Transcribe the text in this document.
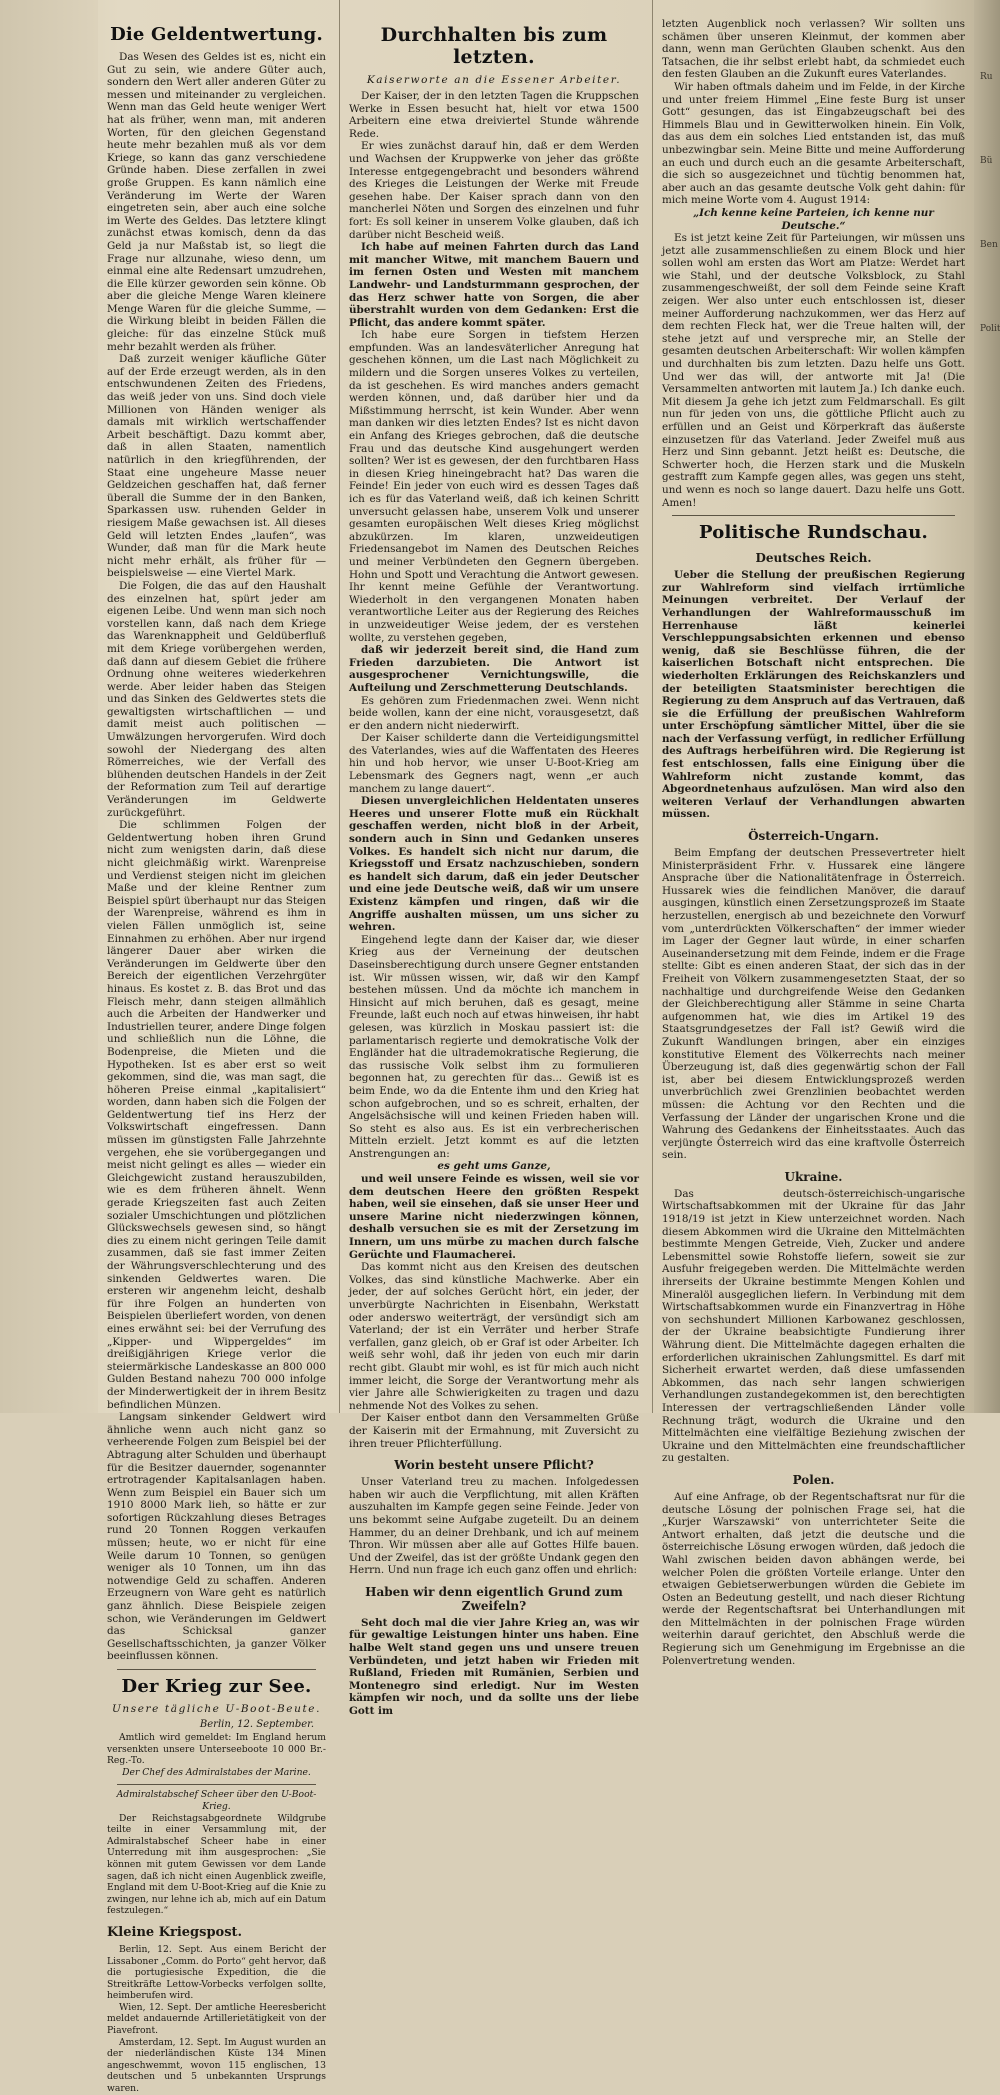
Die Geldentwertung.

Das Wesen des Geldes ist es, nicht ein Gut zu sein, wie andere Güter auch, sondern den Wert aller anderen Güter zu messen und miteinander zu vergleichen. Wenn man das Geld heute weniger Wert hat als früher, wenn man, mit anderen Worten, für den gleichen Gegenstand heute mehr bezahlen muß als vor dem Kriege, so kann das ganz verschiedene Gründe haben. Diese zerfallen in zwei große Gruppen. Es kann nämlich eine Veränderung im Werte der Waren eingetreten sein, aber auch eine solche im Werte des Geldes. Das letztere klingt zunächst etwas komisch, denn da das Geld ja nur Maßstab ist, so liegt die Frage nur allzunahe, wieso denn, um einmal eine alte Redensart umzudrehen, die Elle kürzer geworden sein könne. Ob aber die gleiche Menge Waren kleinere Menge Waren für die gleiche Summe, — die Wirkung bleibt in beiden Fällen die gleiche: für das einzelne Stück muß mehr bezahlt werden als früher.

Daß zurzeit weniger käufliche Güter auf der Erde erzeugt werden, als in den entschwundenen Zeiten des Friedens, das weiß jeder von uns. Sind doch viele Millionen von Händen weniger als damals mit wirklich wertschaffender Arbeit beschäftigt. Dazu kommt aber, daß in allen Staaten, namentlich natürlich in den kriegführenden, der Staat eine ungeheure Masse neuer Geldzeichen geschaffen hat, daß ferner überall die Summe der in den Banken, Sparkassen usw. ruhenden Gelder in riesigem Maße gewachsen ist. All dieses Geld will letzten Endes „laufen“, was Wunder, daß man für die Mark heute nicht mehr erhält, als früher für — beispielsweise — eine Viertel Mark.

Die Folgen, die das auf den Haushalt des einzelnen hat, spürt jeder am eigenen Leibe. Und wenn man sich noch vorstellen kann, daß nach dem Kriege das Warenknappheit und Geldüberfluß mit dem Kriege vorübergehen werden, daß dann auf diesem Gebiet die frühere Ordnung ohne weiteres wiederkehren werde. Aber leider haben das Steigen und das Sinken des Geldwertes stets die gewaltigsten wirtschaftlichen — und damit meist auch politischen — Umwälzungen hervorgerufen. Wird doch sowohl der Niedergang des alten Römerreiches, wie der Verfall des blühenden deutschen Handels in der Zeit der Reformation zum Teil auf derartige Veränderungen im Geldwerte zurückgeführt.

Die schlimmen Folgen der Geldentwertung hoben ihren Grund nicht zum wenigsten darin, daß diese nicht gleichmäßig wirkt. Warenpreise und Verdienst steigen nicht im gleichen Maße und der kleine Rentner zum Beispiel spürt überhaupt nur das Steigen der Warenpreise, während es ihm in vielen Fällen unmöglich ist, seine Einnahmen zu erhöhen. Aber nur irgend längerer Dauer aber wirken die Veränderungen im Geldwerte über den Bereich der eigentlichen Verzehrgüter hinaus. Es kostet z. B. das Brot und das Fleisch mehr, dann steigen allmählich auch die Arbeiten der Handwerker und Industriellen teurer, andere Dinge folgen und schließlich nun die Löhne, die Bodenpreise, die Mieten und die Hypotheken. Ist es aber erst so weit gekommen, sind die, was man sagt, die höheren Preise einmal „kapitalisiert“ worden, dann haben sich die Folgen der Geldentwertung tief ins Herz der Volkswirtschaft eingefressen. Dann müssen im günstigsten Falle Jahrzehnte vergehen, ehe sie vorübergegangen und meist nicht gelingt es alles — wieder ein Gleichgewicht zustand herauszubilden, wie es dem früheren ähnelt. Wenn gerade Kriegszeiten fast auch Zeiten sozialer Umschichtungen und plötzlichen Glückswechsels gewesen sind, so hängt dies zu einem nicht geringen Teile damit zusammen, daß sie fast immer Zeiten der Währungsverschlechterung und des sinkenden Geldwertes waren. Die ersteren wir angenehm leicht, deshalb für ihre Folgen an hunderten von Beispielen überliefert worden, von denen eines erwähnt sei: bei der Verrufung des „Kipper- und Wippergeldes“ im dreißigjährigen Kriege verlor die steiermärkische Landeskasse an 800 000 Gulden Bestand nahezu 700 000 infolge der Minderwertigkeit der in ihrem Besitz befindlichen Münzen.

Langsam sinkender Geldwert wird ähnliche wenn auch nicht ganz so verheerende Folgen zum Beispiel bei der Abtragung alter Schulden und überhaupt für die Besitzer dauernder, sogenannter ertrotragender Kapitalsanlagen haben. Wenn zum Beispiel ein Bauer sich um 1910 8000 Mark lieh, so hätte er zur sofortigen Rückzahlung dieses Betrages rund 20 Tonnen Roggen verkaufen müssen; heute, wo er nicht für eine Weile darum 10 Tonnen, so genügen weniger als 10 Tonnen, um ihn das notwendige Geld zu schaffen. Anderen Erzeugnern von Ware geht es natürlich ganz ähnlich. Diese Beispiele zeigen schon, wie Veränderungen im Geldwert das Schicksal ganzer Gesellschaftsschichten, ja ganzer Völker beeinflussen können.

Der Krieg zur See.
Unsere tägliche U-Boot-Beute.
Berlin, 12. September.

Amtlich wird gemeldet: Im England herum versenkten unsere Unterseeboote 10 000 Br.-Reg.-To.

Der Chef des Admiralstabes der Marine.

Admiralstabschef Scheer über den U-Boot-Krieg.

Der Reichstagsabgeordnete Wildgrube teilte in einer Versammlung mit, der Admiralstabschef Scheer habe in einer Unterredung mit ihm ausgesprochen: „Sie können mit gutem Gewissen vor dem Lande sagen, daß ich nicht einen Augenblick zweifle, England mit dem U-Boot-Krieg auf die Knie zu zwingen, nur lehne ich ab, mich auf ein Datum festzulegen.“

Kleine Kriegspost.

Berlin, 12. Sept. Aus einem Bericht der Lissaboner „Comm. do Porto“ geht hervor, daß die portugiesische Expedition, die die Streitkräfte Lettow-Vorbecks verfolgen sollte, heimberufen wird.

Wien, 12. Sept. Der amtliche Heeresbericht meldet andauernde Artillerietätigkeit von der Piavefront.

Amsterdam, 12. Sept. Im August wurden an der niederländischen Küste 134 Minen angeschwemmt, wovon 115 englischen, 13 deutschen und 5 unbekannten Ursprungs waren.

Durchhalten bis zum letzten.
Kaiserworte an die Essener Arbeiter.

Der Kaiser, der in den letzten Tagen die Kruppschen Werke in Essen besucht hat, hielt vor etwa 1500 Arbeitern eine etwa dreiviertel Stunde währende Rede.

Er wies zunächst darauf hin, daß er dem Werden und Wachsen der Kruppwerke von jeher das größte Interesse entgegengebracht und besonders während des Krieges die Leistungen der Werke mit Freude gesehen habe. Der Kaiser sprach dann von den mancherlei Nöten und Sorgen des einzelnen und fuhr fort: Es soll keiner in unserem Volke glauben, daß ich darüber nicht Bescheid weiß.

Ich habe auf meinen Fahrten durch das Land mit mancher Witwe, mit manchem Bauern und im fernen Osten und Westen mit manchem Landwehr- und Landsturmmann gesprochen, der das Herz schwer hatte von Sorgen, die aber überstrahlt wurden von dem Gedanken: Erst die Pflicht, das andere kommt später.

Ich habe eure Sorgen in tiefstem Herzen empfunden. Was an landesväterlicher Anregung hat geschehen können, um die Last nach Möglichkeit zu mildern und die Sorgen unseres Volkes zu verteilen, da ist geschehen. Es wird manches anders gemacht werden können, und, daß darüber hier und da Mißstimmung herrscht, ist kein Wunder. Aber wenn man danken wir dies letzten Endes? Ist es nicht davon ein Anfang des Krieges gebrochen, daß die deutsche Frau und das deutsche Kind ausgehungert werden sollten? Wer ist es gewesen, der den furchtbaren Hass in diesen Krieg hineingebracht hat? Das waren die Feinde! Ein jeder von euch wird es dessen Tages daß ich es für das Vaterland weiß, daß ich keinen Schritt unversucht gelassen habe, unserem Volk und unserer gesamten europäischen Welt dieses Krieg möglichst abzukürzen. Im klaren, unzweideutigen Friedensangebot im Namen des Deutschen Reiches und meiner Verbündeten den Gegnern übergeben. Hohn und Spott und Verachtung die Antwort gewesen. Ihr kennt meine Gefühle der Verantwortung. Wiederholt in den vergangenen Monaten haben verantwortliche Leiter aus der Regierung des Reiches in unzweideutiger Weise jedem, der es verstehen wollte, zu verstehen gegeben,

daß wir jederzeit bereit sind, die Hand zum Frieden darzubieten. Die Antwort ist ausgesprochener Vernichtungswille, die Aufteilung und Zerschmetterung Deutschlands.

Es gehören zum Friedenmachen zwei. Wenn nicht beide wollen, kann der eine nicht, vorausgesetzt, daß er den andern nicht niederwirft.

Der Kaiser schilderte dann die Verteidigungsmittel des Vaterlandes, wies auf die Waffentaten des Heeres hin und hob hervor, wie unser U-Boot-Krieg am Lebensmark des Gegners nagt, wenn „er auch manchem zu lange dauert“.

Diesen unvergleichlichen Heldentaten unseres Heeres und unserer Flotte muß ein Rückhalt geschaffen werden, nicht bloß in der Arbeit, sondern auch in Sinn und Gedanken unseres Volkes. Es handelt sich nicht nur darum, die Kriegsstoff und Ersatz nachzuschieben, sondern es handelt sich darum, daß ein jeder Deutscher und eine jede Deutsche weiß, daß wir um unsere Existenz kämpfen und ringen, daß wir die Angriffe aushalten müssen, um uns sicher zu wehren.

Eingehend legte dann der Kaiser dar, wie dieser Krieg aus der Verneinung der deutschen Daseinsberechtigung durch unsere Gegner entstanden ist. Wir müssen wissen, wir, daß wir den Kampf bestehen müssen. Und da möchte ich manchem in Hinsicht auf mich beruhen, daß es gesagt, meine Freunde, laßt euch noch auf etwas hinweisen, ihr habt gelesen, was kürzlich in Moskau passiert ist: die parlamentarisch regierte und demokratische Volk der Engländer hat die ultrademokratische Regierung, die das russische Volk selbst ihm zu formulieren begonnen hat, zu gerechten für das... Gewiß ist es beim Ende, wo da die Entente ihm und den Krieg hat schon aufgebrochen, und so es schreit, erhalten, der Angelsächsische will und keinen Frieden haben will. So steht es also aus. Es ist ein verbrecherischen Mitteln erzielt. Jetzt kommt es auf die letzten Anstrengungen an:

es geht ums Ganze,

und weil unsere Feinde es wissen, weil sie vor dem deutschen Heere den größten Respekt haben, weil sie einsehen, daß sie unser Heer und unsere Marine nicht niederzwingen können, deshalb versuchen sie es mit der Zersetzung im Innern, um uns mürbe zu machen durch falsche Gerüchte und Flaumacherei.

Das kommt nicht aus den Kreisen des deutschen Volkes, das sind künstliche Machwerke. Aber ein jeder, der auf solches Gerücht hört, ein jeder, der unverbürgte Nachrichten in Eisenbahn, Werkstatt oder anderswo weiterträgt, der versündigt sich am Vaterland; der ist ein Verräter und herber Strafe verfallen, ganz gleich, ob er Graf ist oder Arbeiter. Ich weiß sehr wohl, daß ihr jeden von euch mir darin recht gibt. Glaubt mir wohl, es ist für mich auch nicht immer leicht, die Sorge der Verantwortung mehr als vier Jahre alle Schwierigkeiten zu tragen und dazu nehmende Not des Volkes zu sehen.

Der Kaiser entbot dann den Versammelten Grüße der Kaiserin mit der Ermahnung, mit Zuversicht zu ihren treuer Pflichterfüllung.

Worin besteht unsere Pflicht?

Unser Vaterland treu zu machen. Infolgedessen haben wir auch die Verpflichtung, mit allen Kräften auszuhalten im Kampfe gegen seine Feinde. Jeder von uns bekommt seine Aufgabe zugeteilt. Du an deinem Hammer, du an deiner Drehbank, und ich auf meinem Thron. Wir müssen aber alle auf Gottes Hilfe bauen. Und der Zweifel, das ist der größte Undank gegen den Herrn. Und nun frage ich euch ganz offen und ehrlich:

Haben wir denn eigentlich Grund zum Zweifeln?

Seht doch mal die vier Jahre Krieg an, was wir für gewaltige Leistungen hinter uns haben. Eine halbe Welt stand gegen uns und unsere treuen Verbündeten, und jetzt haben wir Frieden mit Rußland, Frieden mit Rumänien, Serbien und Montenegro sind erledigt. Nur im Westen kämpfen wir noch, und da sollte uns der liebe Gott im

letzten Augenblick noch verlassen? Wir sollten uns schämen über unseren Kleinmut, der kommen aber dann, wenn man Gerüchten Glauben schenkt. Aus den Tatsachen, die ihr selbst erlebt habt, da schmiedet euch den festen Glauben an die Zukunft eures Vaterlandes.

Wir haben oftmals daheim und im Felde, in der Kirche und unter freiem Himmel „Eine feste Burg ist unser Gott“ gesungen, das ist Eingabzeugschaft bei des Himmels Blau und in Gewitterwolken hinein. Ein Volk, das aus dem ein solches Lied entstanden ist, das muß unbezwingbar sein. Meine Bitte und meine Aufforderung an euch und durch euch an die gesamte Arbeiterschaft, die sich so ausgezeichnet und tüchtig benommen hat, aber auch an das gesamte deutsche Volk geht dahin: für mich meine Worte vom 4. August 1914:

„Ich kenne keine Parteien, ich kenne nur Deutsche.“

Es ist jetzt keine Zeit für Parteiungen, wir müssen uns jetzt alle zusammenschließen zu einem Block und hier sollen wohl am ersten das Wort am Platze: Werdet hart wie Stahl, und der deutsche Volksblock, zu Stahl zusammengeschweißt, der soll dem Feinde seine Kraft zeigen. Wer also unter euch entschlossen ist, dieser meiner Aufforderung nachzukommen, wer das Herz auf dem rechten Fleck hat, wer die Treue halten will, der stehe jetzt auf und verspreche mir, an Stelle der gesamten deutschen Arbeiterschaft: Wir wollen kämpfen und durchhalten bis zum letzten. Dazu helfe uns Gott. Und wer das will, der antworte mit Ja! (Die Versammelten antworten mit lautem Ja.) Ich danke euch. Mit diesem Ja gehe ich jetzt zum Feldmarschall. Es gilt nun für jeden von uns, die göttliche Pflicht auch zu erfüllen und an Geist und Körperkraft das äußerste einzusetzen für das Vaterland. Jeder Zweifel muß aus Herz und Sinn gebannt. Jetzt heißt es: Deutsche, die Schwerter hoch, die Herzen stark und die Muskeln gestrafft zum Kampfe gegen alles, was gegen uns steht, und wenn es noch so lange dauert. Dazu helfe uns Gott. Amen!

Politische Rundschau.
Deutsches Reich.

Ueber die Stellung der preußischen Regierung zur Wahlreform sind vielfach irrtümliche Meinungen verbreitet. Der Verlauf der Verhandlungen der Wahlreformausschuß im Herrenhause läßt keinerlei Verschleppungsabsichten erkennen und ebenso wenig, daß sie Beschlüsse führen, die der kaiserlichen Botschaft nicht entsprechen. Die wiederholten Erklärungen des Reichskanzlers und der beteiligten Staatsminister berechtigen die Regierung zu dem Anspruch auf das Vertrauen, daß sie die Erfüllung der preußischen Wahlreform unter Erschöpfung sämtlicher Mittel, über die sie nach der Verfassung verfügt, in redlicher Erfüllung des Auftrags herbeiführen wird. Die Regierung ist fest entschlossen, falls eine Einigung über die Wahlreform nicht zustande kommt, das Abgeordnetenhaus aufzulösen. Man wird also den weiteren Verlauf der Verhandlungen abwarten müssen.

Österreich-Ungarn.

Beim Empfang der deutschen Pressevertreter hielt Ministerpräsident Frhr. v. Hussarek eine längere Ansprache über die Nationalitätenfrage in Österreich. Hussarek wies die feindlichen Manöver, die darauf ausgingen, künstlich einen Zersetzungsprozeß im Staate herzustellen, energisch ab und bezeichnete den Vorwurf vom „unterdrückten Völkerschaften“ der immer wieder im Lager der Gegner laut würde, in einer scharfen Auseinandersetzung mit dem Feinde, indem er die Frage stellte: Gibt es einen anderen Staat, der sich das in der Freiheit von Völkern zusammengesetzten Staat, der so nachhaltige und durchgreifende Weise den Gedanken der Gleichberechtigung aller Stämme in seine Charta aufgenommen hat, wie dies im Artikel 19 des Staatsgrundgesetzes der Fall ist? Gewiß wird die Zukunft Wandlungen bringen, aber ein einziges konstitutive Element des Völkerrechts nach meiner Überzeugung ist, daß dies gegenwärtig schon der Fall ist, aber bei diesem Entwicklungsprozeß werden unverbrüchlich zwei Grenzlinien beobachtet werden müssen: die Achtung vor den Rechten und die Verfassung der Länder der ungarischen Krone und die Wahrung des Gedankens der Einheitsstaates. Auch das verjüngte Österreich wird das eine kraftvolle Österreich sein.

Ukraine.

Das deutsch-österreichisch-ungarische Wirtschaftsabkommen mit der Ukraine für das Jahr 1918/19 ist jetzt in Kiew unterzeichnet worden. Nach diesem Abkommen wird die Ukraine den Mittelmächten bestimmte Mengen Getreide, Vieh, Zucker und andere Lebensmittel sowie Rohstoffe liefern, soweit sie zur Ausfuhr freigegeben werden. Die Mittelmächte werden ihrerseits der Ukraine bestimmte Mengen Kohlen und Mineralöl ausgeglichen liefern. In Verbindung mit dem Wirtschaftsabkommen wurde ein Finanzvertrag in Höhe von sechshundert Millionen Karbowanez geschlossen, der der Ukraine beabsichtigte Fundierung ihrer Währung dient. Die Mittelmächte dagegen erhalten die erforderlichen ukrainischen Zahlungsmittel. Es darf mit Sicherheit erwartet werden, daß diese umfassenden Abkommen, das nach sehr langen schwierigen Verhandlungen zustandegekommen ist, den berechtigten Interessen der vertragschließenden Länder volle Rechnung trägt, wodurch die Ukraine und den Mittelmächten eine vielfältige Beziehung zwischen der Ukraine und den Mittelmächten eine freundschaftlicher zu gestalten.

Polen.

Auf eine Anfrage, ob der Regentschaftsrat nur für die deutsche Lösung der polnischen Frage sei, hat die „Kurjer Warszawski“ von unterrichteter Seite die Antwort erhalten, daß jetzt die deutsche und die österreichische Lösung erwogen würden, daß jedoch die Wahl zwischen beiden davon abhängen werde, bei welcher Polen die größten Vorteile erlange. Unter den etwaigen Gebietserwerbungen würden die Gebiete im Osten an Bedeutung gestellt, und nach dieser Richtung werde der Regentschaftsrat bei Unterhandlungen mit den Mittelmächten in der polnischen Frage würden weiterhin darauf gerichtet, den Abschluß werde die Regierung sich um Genehmigung im Ergebnisse an die Polenvertretung wenden.

Ru
Bü
Ben
Polit
